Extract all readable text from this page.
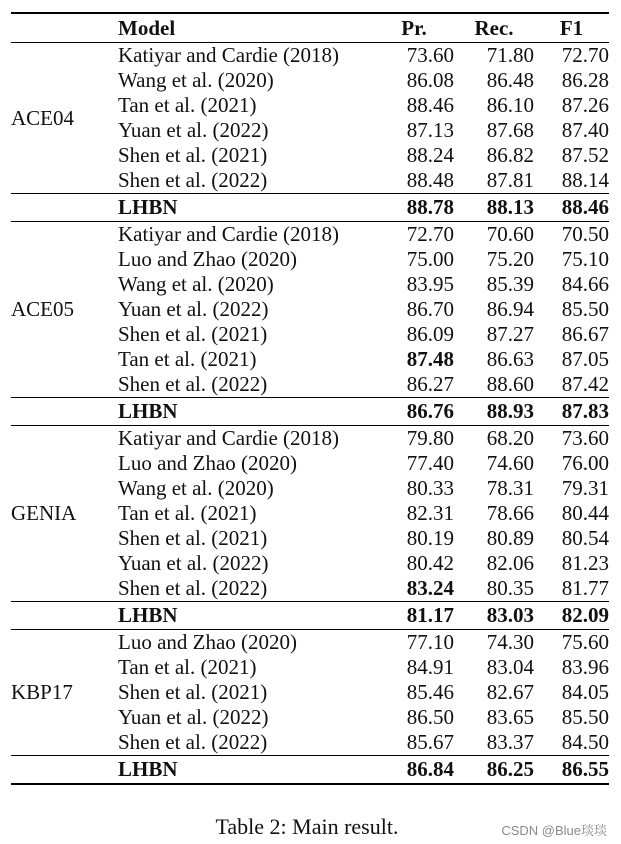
	Model	Pr.	Rec.	F1
ACE04	Katiyar and Cardie (2018)	73.60	71.80	72.70
	Wang et al. (2020)	86.08	86.48	86.28
	Tan et al. (2021)	88.46	86.10	87.26
	Yuan et al. (2022)	87.13	87.68	87.40
	Shen et al. (2021)	88.24	86.82	87.52
	Shen et al. (2022)	88.48	87.81	88.14
	LHBN	88.78	88.13	88.46
ACE05	Katiyar and Cardie (2018)	72.70	70.60	70.50
	Luo and Zhao (2020)	75.00	75.20	75.10
	Wang et al. (2020)	83.95	85.39	84.66
	Yuan et al. (2022)	86.70	86.94	85.50
	Shen et al. (2021)	86.09	87.27	86.67
	Tan et al. (2021)	87.48	86.63	87.05
	Shen et al. (2022)	86.27	88.60	87.42
	LHBN	86.76	88.93	87.83
GENIA	Katiyar and Cardie (2018)	79.80	68.20	73.60
	Luo and Zhao (2020)	77.40	74.60	76.00
	Wang et al. (2020)	80.33	78.31	79.31
	Tan et al. (2021)	82.31	78.66	80.44
	Shen et al. (2021)	80.19	80.89	80.54
	Yuan et al. (2022)	80.42	82.06	81.23
	Shen et al. (2022)	83.24	80.35	81.77
	LHBN	81.17	83.03	82.09
KBP17	Luo and Zhao (2020)	77.10	74.30	75.60
	Tan et al. (2021)	84.91	83.04	83.96
	Shen et al. (2021)	85.46	82.67	84.05
	Yuan et al. (2022)	86.50	83.65	85.50
	Shen et al. (2022)	85.67	83.37	84.50
	LHBN	86.84	86.25	86.55
Table 2: Main result.	CSDN @Blue琰琰
